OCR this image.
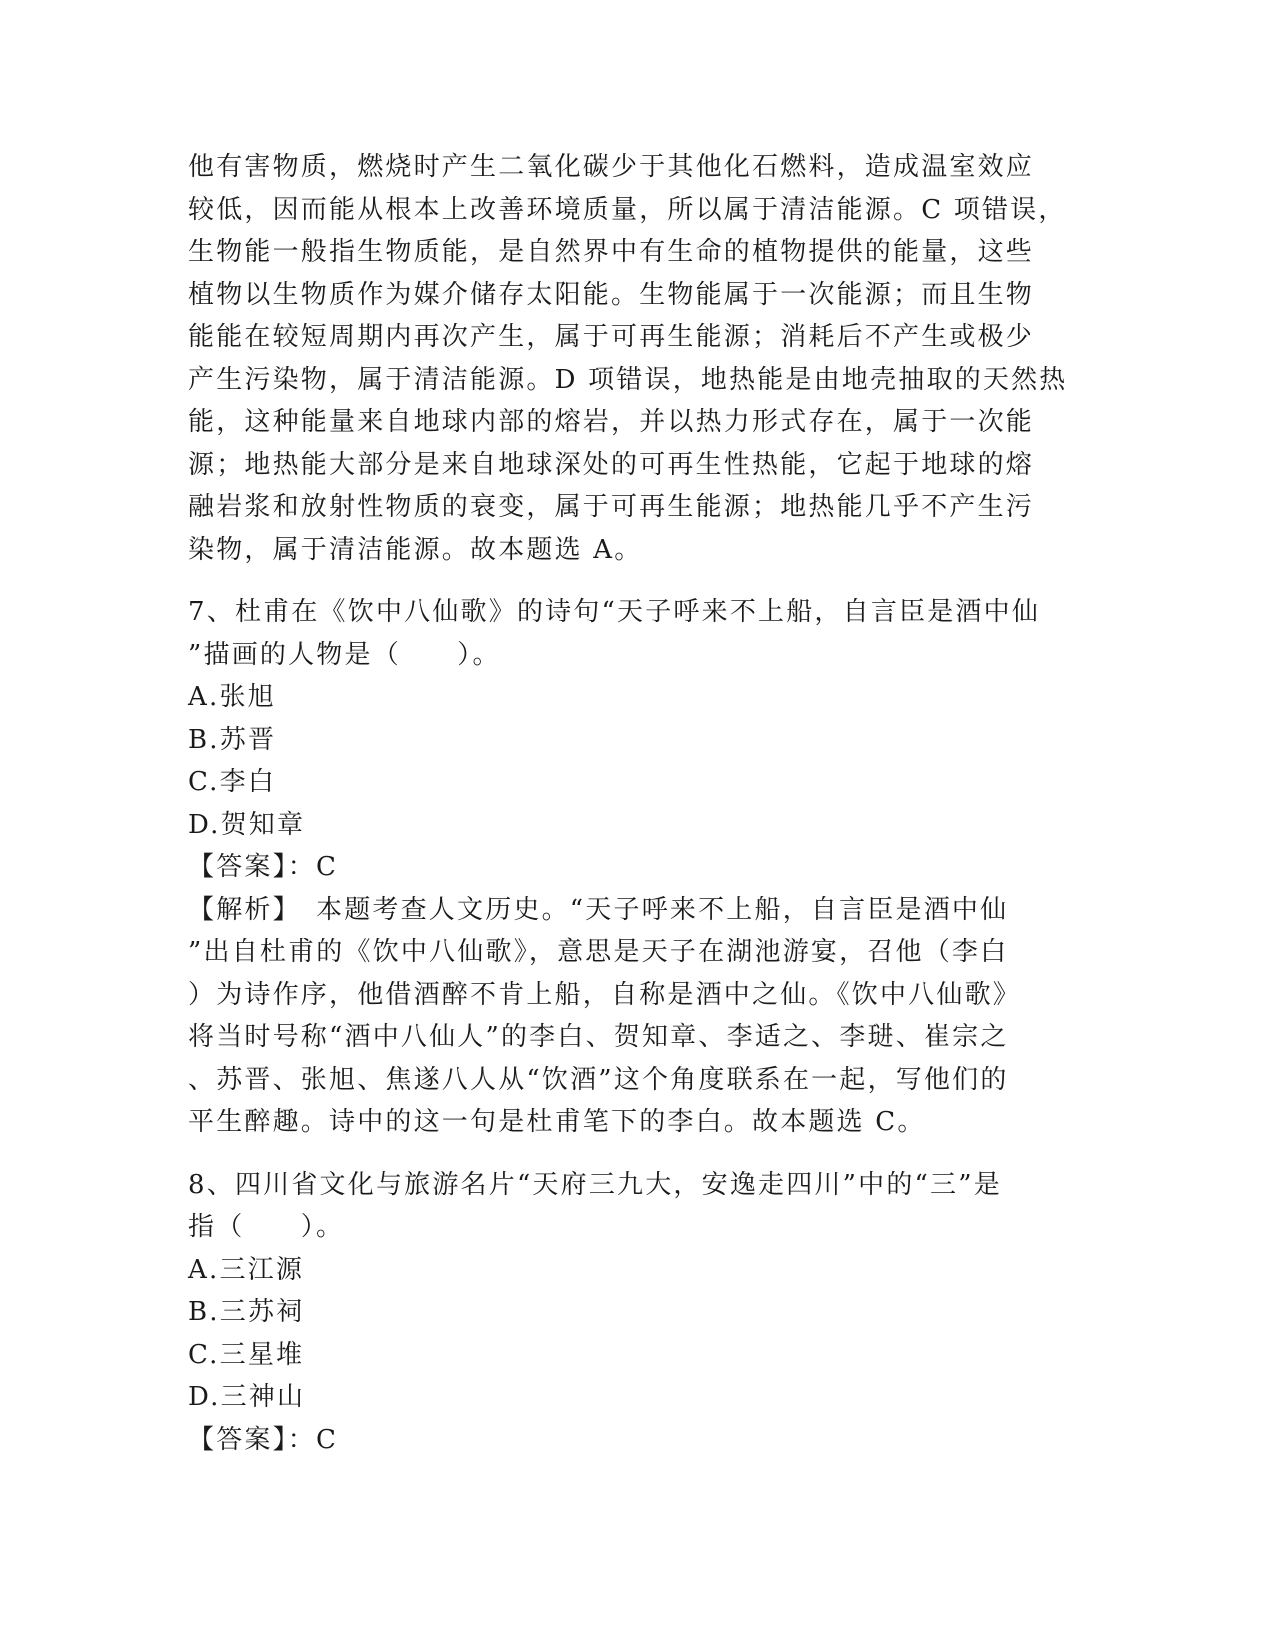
他有害物质，燃烧时产生二氧化碳少于其他化石燃料，造成温室效应
较低，因而能从根本上改善环境质量，所以属于清洁能源。C 项错误，
生物能一般指生物质能，是自然界中有生命的植物提供的能量，这些
植物以生物质作为媒介储存太阳能。生物能属于一次能源；而且生物
能能在较短周期内再次产生，属于可再生能源；消耗后不产生或极少
产生污染物，属于清洁能源。D 项错误，地热能是由地壳抽取的天然热
能，这种能量来自地球内部的熔岩，并以热力形式存在，属于一次能
源；地热能大部分是来自地球深处的可再生性热能，它起于地球的熔
融岩浆和放射性物质的衰变，属于可再生能源；地热能几乎不产生污
染物，属于清洁能源。故本题选 A。
7、杜甫在《饮中八仙歌》的诗句“天子呼来不上船，自言臣是酒中仙
”描画的人物是（　　）。
A.张旭
B.苏晋
C.李白
D.贺知章
【答案】：C
【解析】　本题考查人文历史。“天子呼来不上船，自言臣是酒中仙
”出自杜甫的《饮中八仙歌》，意思是天子在湖池游宴，召他（李白
）为诗作序，他借酒醉不肯上船，自称是酒中之仙。《饮中八仙歌》
将当时号称“酒中八仙人”的李白、贺知章、李适之、李琎、崔宗之
、苏晋、张旭、焦遂八人从“饮酒”这个角度联系在一起，写他们的
平生醉趣。诗中的这一句是杜甫笔下的李白。故本题选 C。
8、四川省文化与旅游名片“天府三九大，安逸走四川”中的“三”是
指（　　）。
A.三江源
B.三苏祠
C.三星堆
D.三神山
【答案】：C
